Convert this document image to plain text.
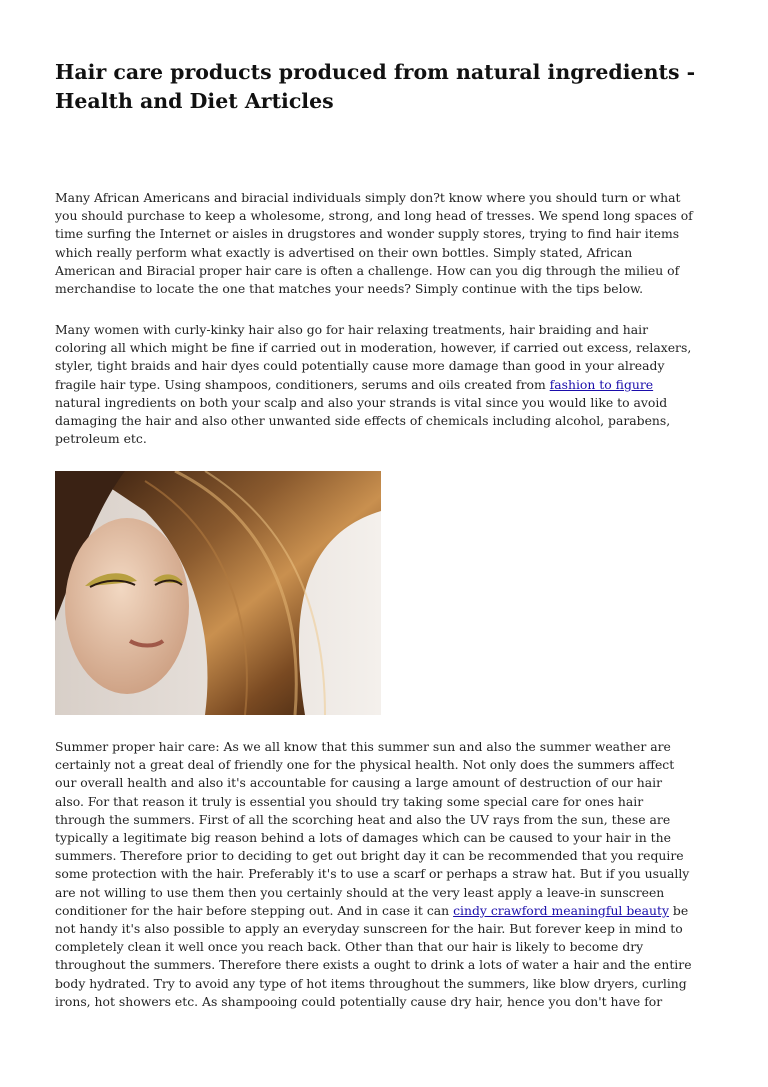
Hair care products produced from natural ingredients -
Health and Diet Articles

Many African Americans and biracial individuals simply don?t know where you should turn or what
you should purchase to keep a wholesome, strong, and long head of tresses. We spend long spaces of
time surfing the Internet or aisles in drugstores and wonder supply stores, trying to find hair items
which really perform what exactly is advertised on their own bottles. Simply stated, African
American and Biracial proper hair care is often a challenge. How can you dig through the milieu of
merchandise to locate the one that matches your needs? Simply continue with the tips below.

Many women with curly-kinky hair also go for hair relaxing treatments, hair braiding and hair
coloring all which might be fine if carried out in moderation, however, if carried out excess, relaxers,
styler, tight braids and hair dyes could potentially cause more damage than good in your already
fragile hair type. Using shampoos, conditioners, serums and oils created from fashion to figure
natural ingredients on both your scalp and also your strands is vital since you would like to avoid
damaging the hair and also other unwanted side effects of chemicals including alcohol, parabens,
petroleum etc.

Summer proper hair care: As we all know that this summer sun and also the summer weather are
certainly not a great deal of friendly one for the physical health. Not only does the summers affect
our overall health and also it's accountable for causing a large amount of destruction of our hair
also. For that reason it truly is essential you should try taking some special care for ones hair
through the summers. First of all the scorching heat and also the UV rays from the sun, these are
typically a legitimate big reason behind a lots of damages which can be caused to your hair in the
summers. Therefore prior to deciding to get out bright day it can be recommended that you require
some protection with the hair. Preferably it's to use a scarf or perhaps a straw hat. But if you usually
are not willing to use them then you certainly should at the very least apply a leave-in sunscreen
conditioner for the hair before stepping out. And in case it can cindy crawford meaningful beauty be
not handy it's also possible to apply an everyday sunscreen for the hair. But forever keep in mind to
completely clean it well once you reach back. Other than that our hair is likely to become dry
throughout the summers. Therefore there exists a ought to drink a lots of water a hair and the entire
body hydrated. Try to avoid any type of hot items throughout the summers, like blow dryers, curling
irons, hot showers etc. As shampooing could potentially cause dry hair, hence you don't have for
